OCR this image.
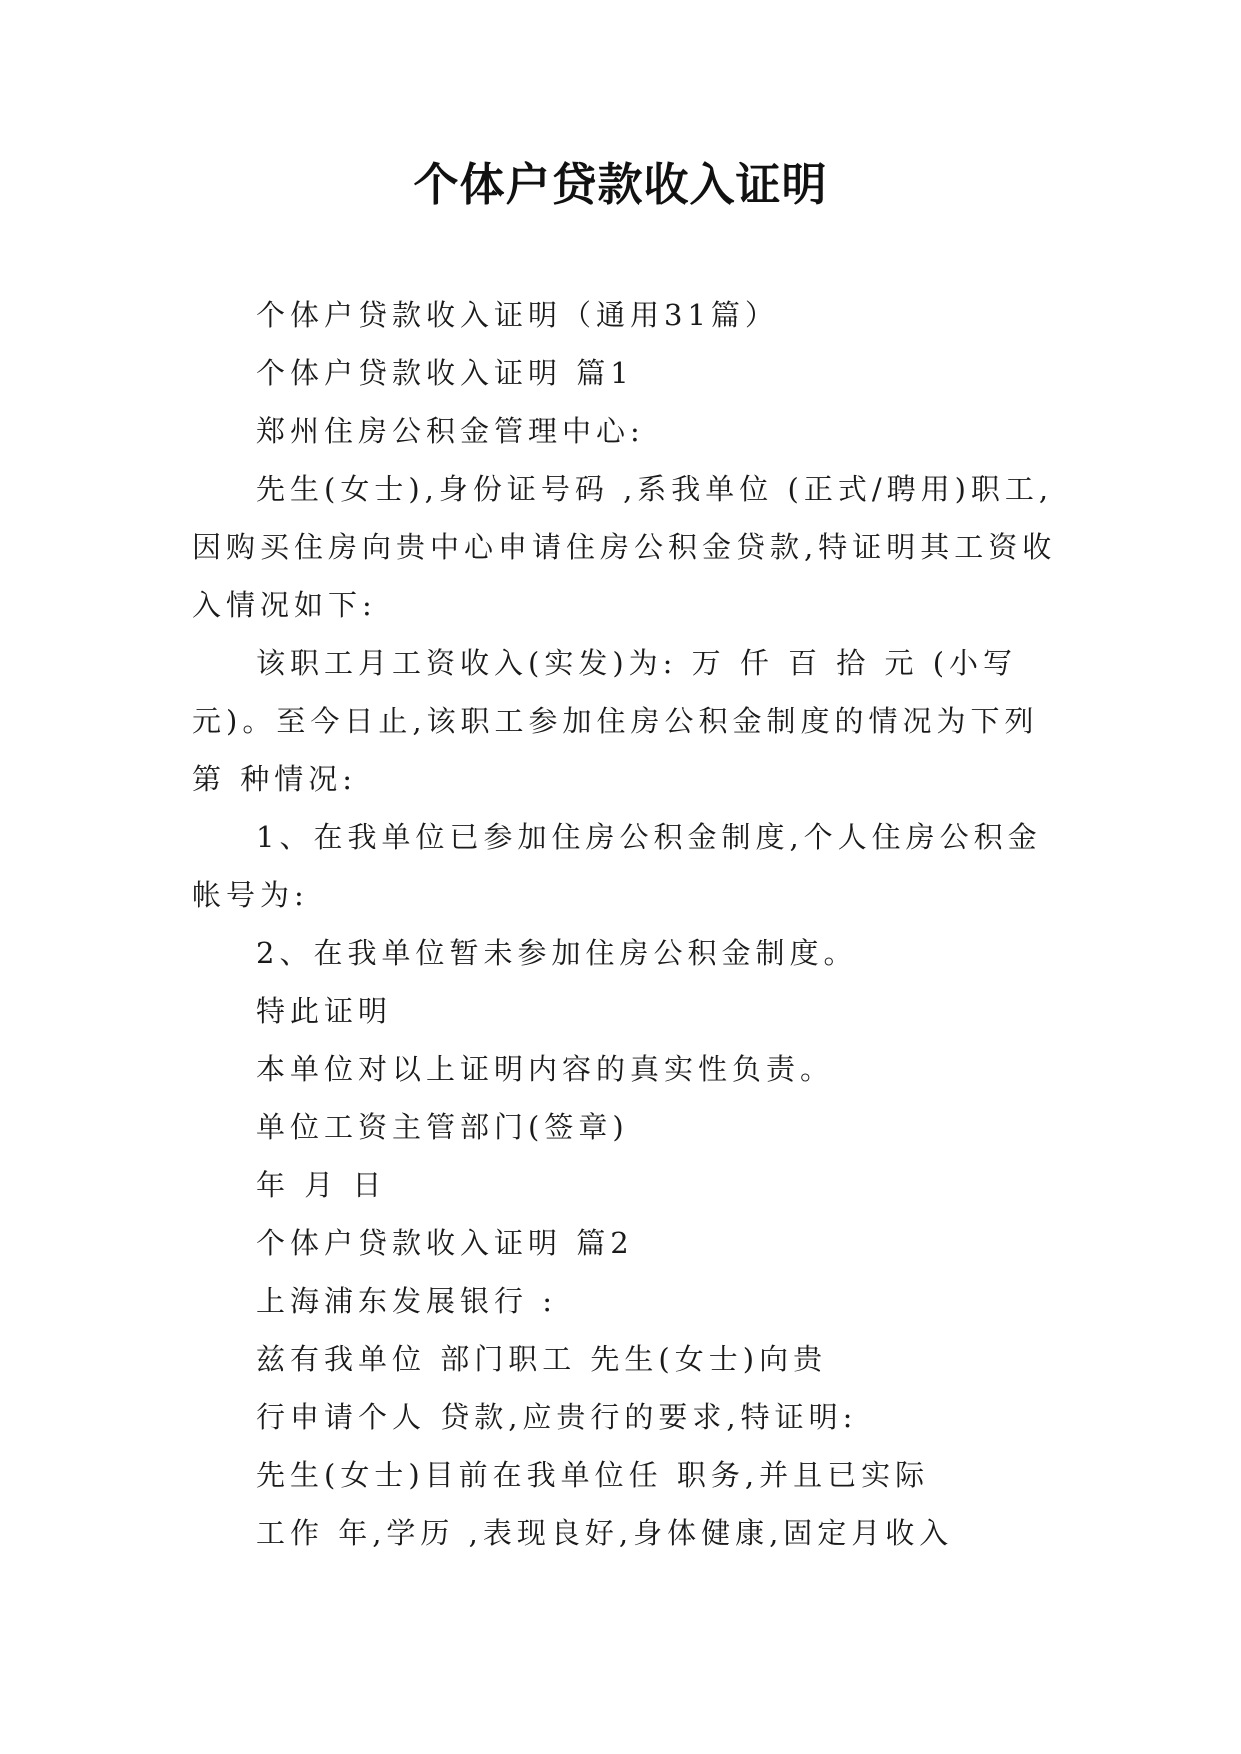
个体户贷款收入证明

个体户贷款收入证明（通用31篇）

个体户贷款收入证明 篇1

郑州住房公积金管理中心:

先生(女士),身份证号码 ,系我单位 (正式/聘用)职工,因购买住房向贵中心申请住房公积金贷款,特证明其工资收入情况如下:

该职工月工资收入(实发)为: 万 仟 百 拾 元 (小写 元)。至今日止,该职工参加住房公积金制度的情况为下列第 种情况:

1、在我单位已参加住房公积金制度,个人住房公积金帐号为:

2、在我单位暂未参加住房公积金制度。

特此证明

本单位对以上证明内容的真实性负责。

单位工资主管部门(签章)

年 月 日

个体户贷款收入证明 篇2

上海浦东发展银行 :

兹有我单位 部门职工 先生(女士)向贵

行申请个人 贷款,应贵行的要求,特证明:

先生(女士)目前在我单位任 职务,并且已实际

工作 年,学历 ,表现良好,身体健康,固定月收入
